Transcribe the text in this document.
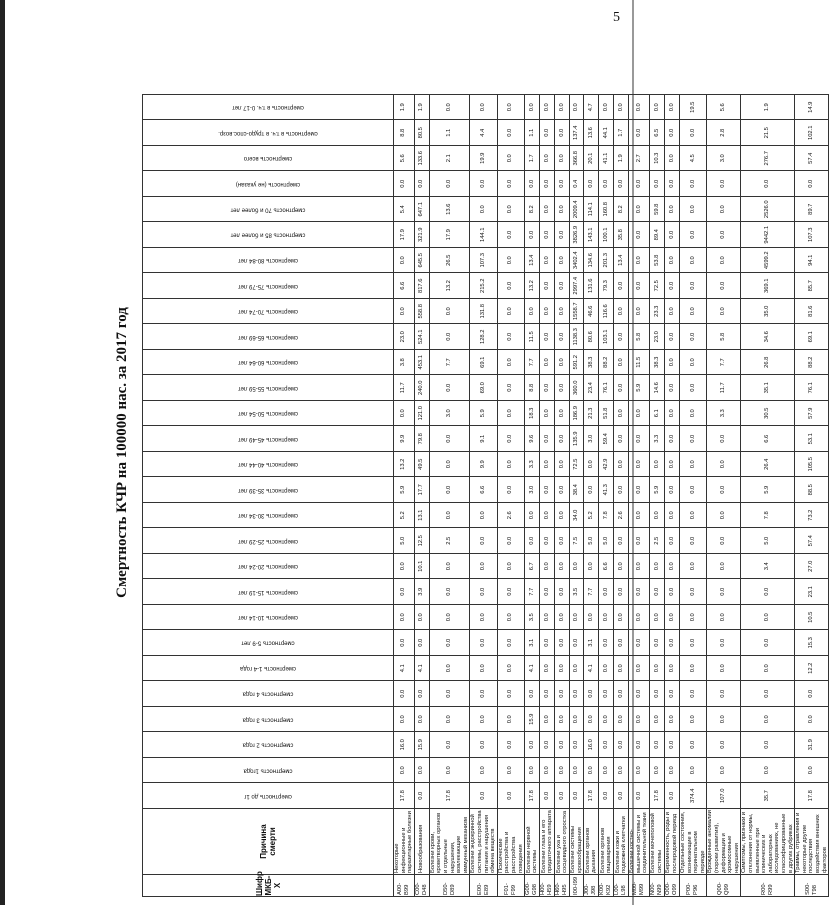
5
Смертность КЧР на 100000 нас. за 2017 год
Шифр МКБ-Х	Причина смерти	смертность до 1г	смертность 1года	смертность 2 года	смертность 3 года	смертность 4 года	смертность 1-4 года	смертность 5-9 лет	смертность 10-14 лет	смертность 15-19 лет	смертность 20-24 лет	смертность 25-29 лет	смертность 30-34 лет	смертность 35-39 лет	смертность 40-44 лет	смертность 45-49 лет	смертность 50-54 лет	смертность 55-59 лет	смертность 60-64 лет	смертность 65-69 лет	смертность 70-74 лет	смертность 75-79 лет	смертность 80-84 лет	смертность 85 и более лет	смертность 70 и более лет	смертность (не указан)	смертность всего	смертность в т.ч. в трудо-спос.возр.	смертность в т.ч. 0-17 лет

A00-B99	Некоторые инфекционные и паразитарные болезни	17.8	0.0	16.0	0.0	0.0	4.1	0.0	0.0	0.0	0.0	5.0	5.2	5.9	13.2	9.9	0.0	11.7	3.8	23.0	0.0	6.6	0.0	17.9	5.4	0.0	5.6	8.8	1.9
C00-D48	Новообразования	0.0	0.0	15.9	0.0	0.0	4.1	0.0	0.0	3.9	10.1	12.5	13.1	17.7	49.5	79.8	121.0	240.0	453.1	524.1	558.8	817.6	645.5	321.9	647.1	0.0	133.6	80.5	1.9
D50-D89	Болезни крови, кроветворных органов и отдельные нарушения, вовлекающие иммунный механизм	17.8	0.0	0.0	0.0	0.0	0.0	0.0	0.0	0.0	0.0	2.5	0.0	0.0	0.0	0.0	3.0	0.0	7.7	0.0	0.0	13.2	26.5	17.9	13.6	0.0	2.1	1.1	0.0
E00-E89	Болезни эндокринной системы, расстройства питания и нарушения обмена веществ	0.0	0.0	0.0	0.0	0.0	0.0	0.0	0.0	0.0	0.0	0.0	0.0	6.6	9.9	9.1	5.9	69.0	69.1	128.2	131.8	215.2	107.3	144.1	0.0	0.0	19.9	4.4	0.0
F01-F99	Психические расстройства и расстройства поведения	0.0	0.0	0.0	0.0	0.0	0.0	0.0	0.0	0.0	0.0	0.0	2.6	0.0	0.0	0.0	0.0	0.0	0.0	0.0	0.0	0.0	0.0	0.0	0.0	0.0	0.0	0.0	0.0
G00-G98	Болезни нервной системы	17.8	0.0	0.0	15.9	0.0	4.1	3.1	3.5	7.7	6.7	0.0	0.0	3.0	3.3	9.6	18.3	8.8	7.7	11.5	0.0	13.2	13.4	0.0	8.2	0.0	1.7	1.1	0.0
H00-H59	Болезни глаза и его придаточного аппарата	0.0	0.0	0.0	0.0	0.0	0.0	0.0	0.0	0.0	0.0	0.0	0.0	0.0	0.0	0.0	0.0	0.0	0.0	0.0	0.0	0.0	0.0	0.0	0.0	0.0	0.0	0.0	0.0
H60-H95	Болезни уха и сосцевидного отростка	0.0	0.0	0.0	0.0	0.0	0.0	0.0	0.0	0.0	0.0	0.0	0.0	0.0	0.0	0.0	0.0	0.0	0.0	0.0	0.0	0.0	0.0	0.0	0.0	0.0	0.0	0.0	0.0
I00-I99	Болезни системы кровообращения	0.0	0.0	0.0	0.0	0.0	0.0	0.0	0.0	3.5	0.0	7.5	34.0	38.4	72.5	135.9	186.9	360.0	591.2	1138.3	1558.7	2997.4	3402.4	3826.9	2009.4	0.4	366.8	137.4	0.0
J00-J98	Болезни органов дыхания	17.8	0.0	16.0	0.0	0.0	4.1	3.1	0.0	7.7	0.0	5.0	5.2	0.0	0.0	3.0	21.3	23.4	38.3	80.6	46.6	131.6	134.6	143.1	114.1	0.0	20.1	13.6	4.7
K00-K92	Болезни органов пищеварения	0.0	0.0	0.0	0.0	0.0	0.0	0.0	0.0	0.0	6.6	5.0	7.8	41.3	42.9	59.4	51.8	76.1	88.2	103.1	116.6	79.3	201.3	100.1	160.8	0.0	41.1	44.1	0.0
L00-L98	Болезни кожи и подкожной клетчатки	0.0	0.0	0.0	0.0	0.0	0.0	0.0	0.0	0.0	0.0	0.0	2.6	0.0	0.0	0.0	0.0	0.0	0.0	0.0	0.0	0.0	13.4	35.8	8.2	0.0	1.9	1.7	0.0
M00-M99	Болезни костно-мышечной системы и соединительной ткани	0.0	0.0	0.0	0.0	0.0	0.0	0.0	0.0	0.0	0.0	0.0	0.0	0.0	0.0	0.0	0.0	5.9	11.5	5.8	0.0	0.0	0.0	0.0	0.0	0.0	2.7	0.0	0.0
N00-N99	Болезни мочеполовой системы	17.8	0.0	0.0	0.0	0.0	0.0	0.0	0.0	0.0	0.0	2.5	0.0	5.9	0.0	3.3	6.1	14.6	38.3	23.0	23.3	72.5	53.8	89.4	59.8	0.0	10.3	6.5	0.0
O00-O99	Беременность, роды и послеродовой период	0.0	0.0	0.0	0.0	0.0	0.0	0.0	0.0	0.0	0.0	0.0	0.0	0.0	0.0	0.0	0.0	0.0	0.0	0.0	0.0	0.0	0.0	0.0	0.0	0.0	0.0	0.0	0.0
P00-P96	Отдельные состояния, возникающие в перинатальном периоде	374.4	0.0	0.0	0.0	0.0	0.0	0.0	0.0	0.0	0.0	0.0	0.0	0.0	0.0	0.0	0.0	0.0	0.0	0.0	0.0	0.0	0.0	0.0	0.0	0.0	4.5	0.0	19.5
Q00-Q99	Врожденные аномалии (пороки развития), деформации и хромосомные нарушения	107.0	0.0	0.0	0.0	0.0	0.0	0.0	0.0	0.0	0.0	0.0	0.0	0.0	0.0	0.0	3.3	11.7	7.7	5.8	0.0	0.0	0.0	0.0	0.0	0.0	3.0	2.8	5.6
R00-R99	Симптомы, признаки и отклонения от нормы, выявленные при клинических и лабораторных исследованиях, не классифицированные в других рубриках	35.7	0.0	0.0	0.0	0.0	0.0	0.0	0.0	0.0	3.4	5.0	7.8	5.9	26.4	6.6	30.5	35.1	26.8	34.6	35.0	369.1	4599.2	9442.1	2526.0	0.0	276.7	21.5	1.9
S00-T98	Травмы, отравления и некоторые другие последствия воздействия внешних факторов	17.8	0.0	31.9	0.0	0.0	12.2	15.3	10.5	23.1	27.0	57.4	73.2	88.5	105.5	53.1	57.9	76.1	88.2	69.1	81.6	85.7	94.1	107.3	89.7	0.0	57.4	102.1	14.9
